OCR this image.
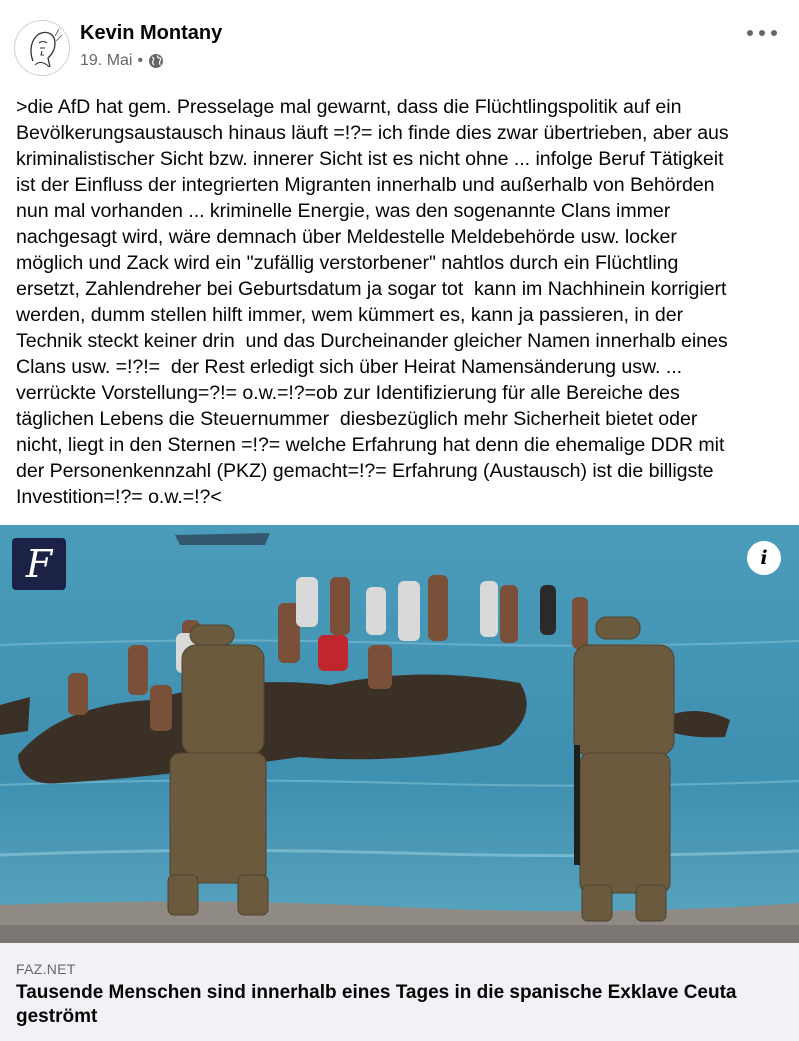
Kevin Montany
19. Mai •

>die AfD hat gem. Presselage mal gewarnt, dass die Flüchtlingspolitik auf ein
Bevölkerungsaustausch hinaus läuft =!?= ich finde dies zwar übertrieben, aber aus
kriminalistischer Sicht bzw. innerer Sicht ist es nicht ohne ... infolge Beruf Tätigkeit
ist der Einfluss der integrierten Migranten innerhalb und außerhalb von Behörden
nun mal vorhanden ... kriminelle Energie, was den sogenannte Clans immer
nachgesagt wird, wäre demnach über Meldestelle Meldebehörde usw. locker
möglich und Zack wird ein "zufällig verstorbener" nahtlos durch ein Flüchtling
ersetzt, Zahlendreher bei Geburtsdatum ja sogar tot  kann im Nachhinein korrigiert
werden, dumm stellen hilft immer, wem kümmert es, kann ja passieren, in der
Technik steckt keiner drin  und das Durcheinander gleicher Namen innerhalb eines
Clans usw. =!?!=  der Rest erledigt sich über Heirat Namensänderung usw. ...
verrückte Vorstellung=?!= o.w.=!?=ob zur Identifizierung für alle Bereiche des
täglichen Lebens die Steuernummer  diesbezüglich mehr Sicherheit bietet oder
nicht, liegt in den Sternen =!?= welche Erfahrung hat denn die ehemalige DDR mit
der Personenkennzahl (PKZ) gemacht=!?= Erfahrung (Austausch) ist die billigste
Investition=!?= o.w.=!?<

F	i
FAZ.NET

Tausende Menschen sind innerhalb eines Tages in die spanische Exklave Ceuta geströmt
